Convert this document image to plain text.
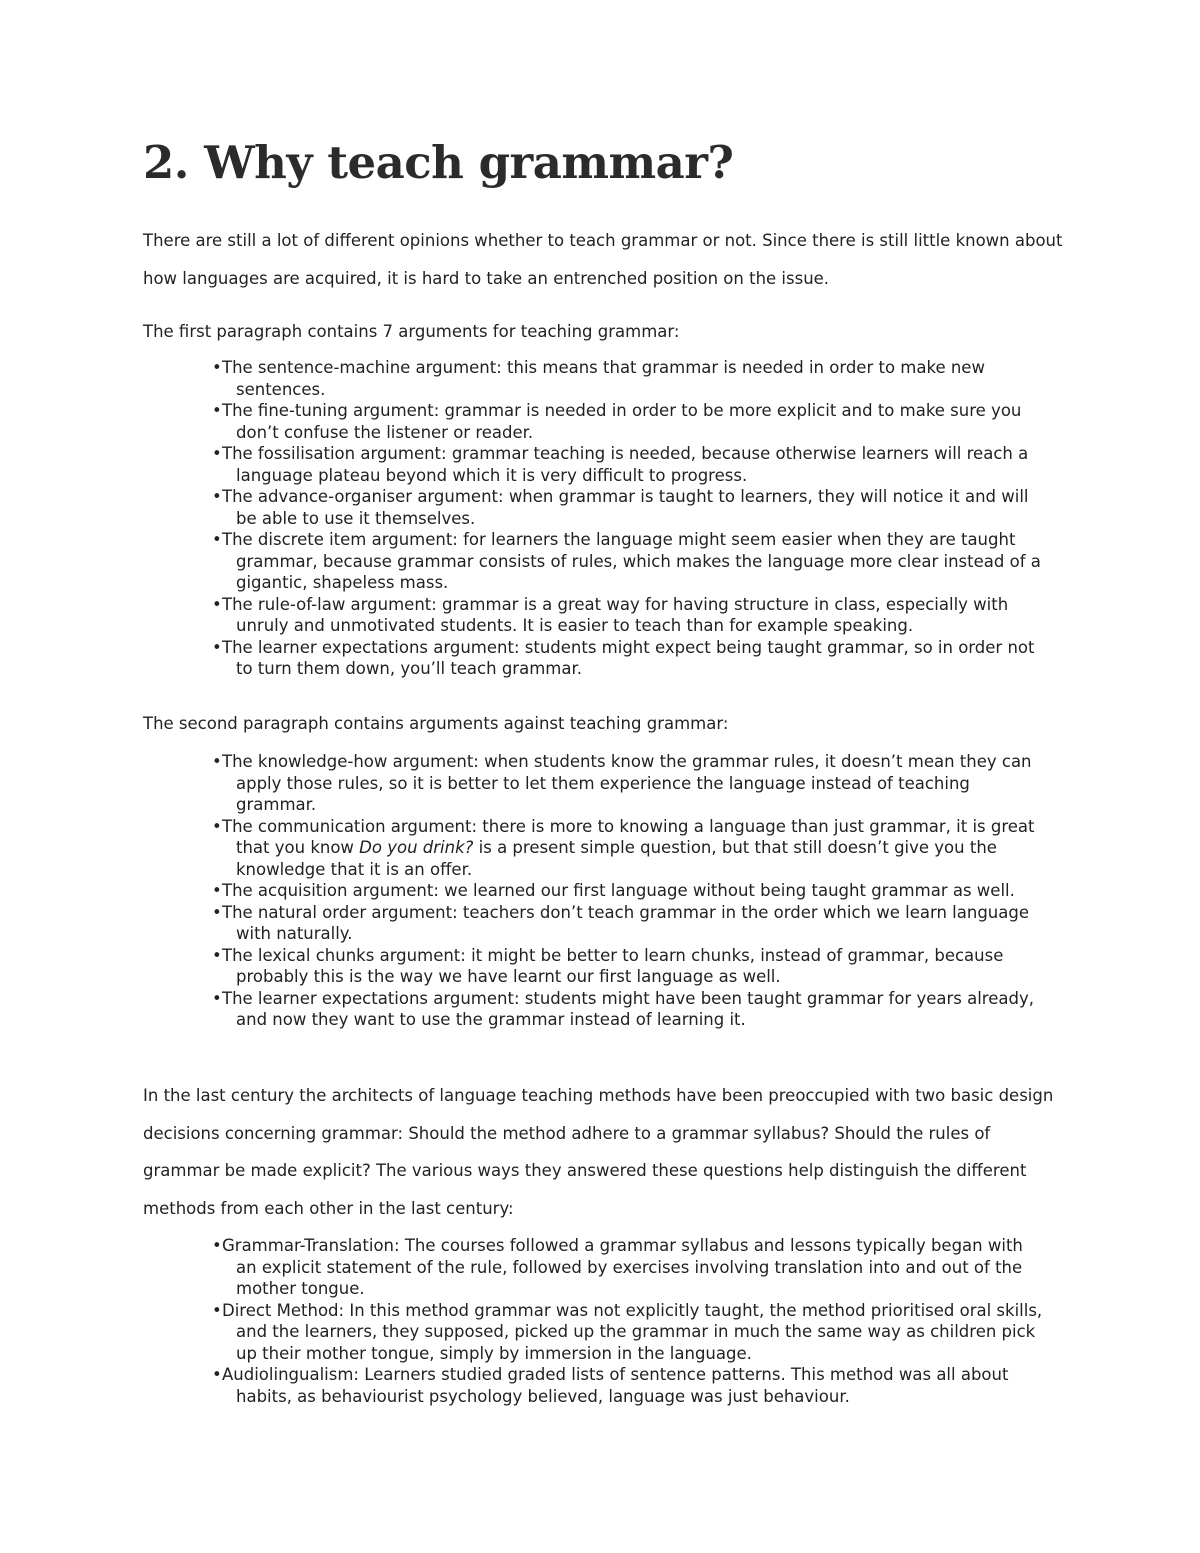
2. Why teach grammar?

There are still a lot of different opinions whether to teach grammar or not. Since there is still little known about how languages are acquired, it is hard to take an entrenched position on the issue.

The first paragraph contains 7 arguments for teaching grammar:

•The sentence-machine argument: this means that grammar is needed in order to make new sentences.
•The fine-tuning argument: grammar is needed in order to be more explicit and to make sure you don’t confuse the listener or reader.
•The fossilisation argument: grammar teaching is needed, because otherwise learners will reach a language plateau beyond which it is very difficult to progress.
•The advance-organiser argument: when grammar is taught to learners, they will notice it and will be able to use it themselves.
•The discrete item argument: for learners the language might seem easier when they are taught grammar, because grammar consists of rules, which makes the language more clear instead of a gigantic, shapeless mass.
•The rule-of-law argument: grammar is a great way for having structure in class, especially with unruly and unmotivated students. It is easier to teach than for example speaking.
•The learner expectations argument: students might expect being taught grammar, so in order not to turn them down, you’ll teach grammar.

The second paragraph contains arguments against teaching grammar:

•The knowledge-how argument: when students know the grammar rules, it doesn’t mean they can apply those rules, so it is better to let them experience the language instead of teaching grammar.
•The communication argument: there is more to knowing a language than just grammar, it is great that you know Do you drink? is a present simple question, but that still doesn’t give you the knowledge that it is an offer.
•The acquisition argument: we learned our first language without being taught grammar as well.
•The natural order argument: teachers don’t teach grammar in the order which we learn language with naturally.
•The lexical chunks argument: it might be better to learn chunks, instead of grammar, because probably this is the way we have learnt our first language as well.
•The learner expectations argument: students might have been taught grammar for years already, and now they want to use the grammar instead of learning it.

In the last century the architects of language teaching methods have been preoccupied with two basic design decisions concerning grammar: Should the method adhere to a grammar syllabus? Should the rules of grammar be made explicit? The various ways they answered these questions help distinguish the different methods from each other in the last century:

•Grammar-Translation: The courses followed a grammar syllabus and lessons typically began with an explicit statement of the rule, followed by exercises involving translation into and out of the mother tongue.
•Direct Method: In this method grammar was not explicitly taught, the method prioritised oral skills, and the learners, they supposed, picked up the grammar in much the same way as children pick up their mother tongue, simply by immersion in the language.
•Audiolingualism: Learners studied graded lists of sentence patterns. This method was all about habits, as behaviourist psychology believed, language was just behaviour.
